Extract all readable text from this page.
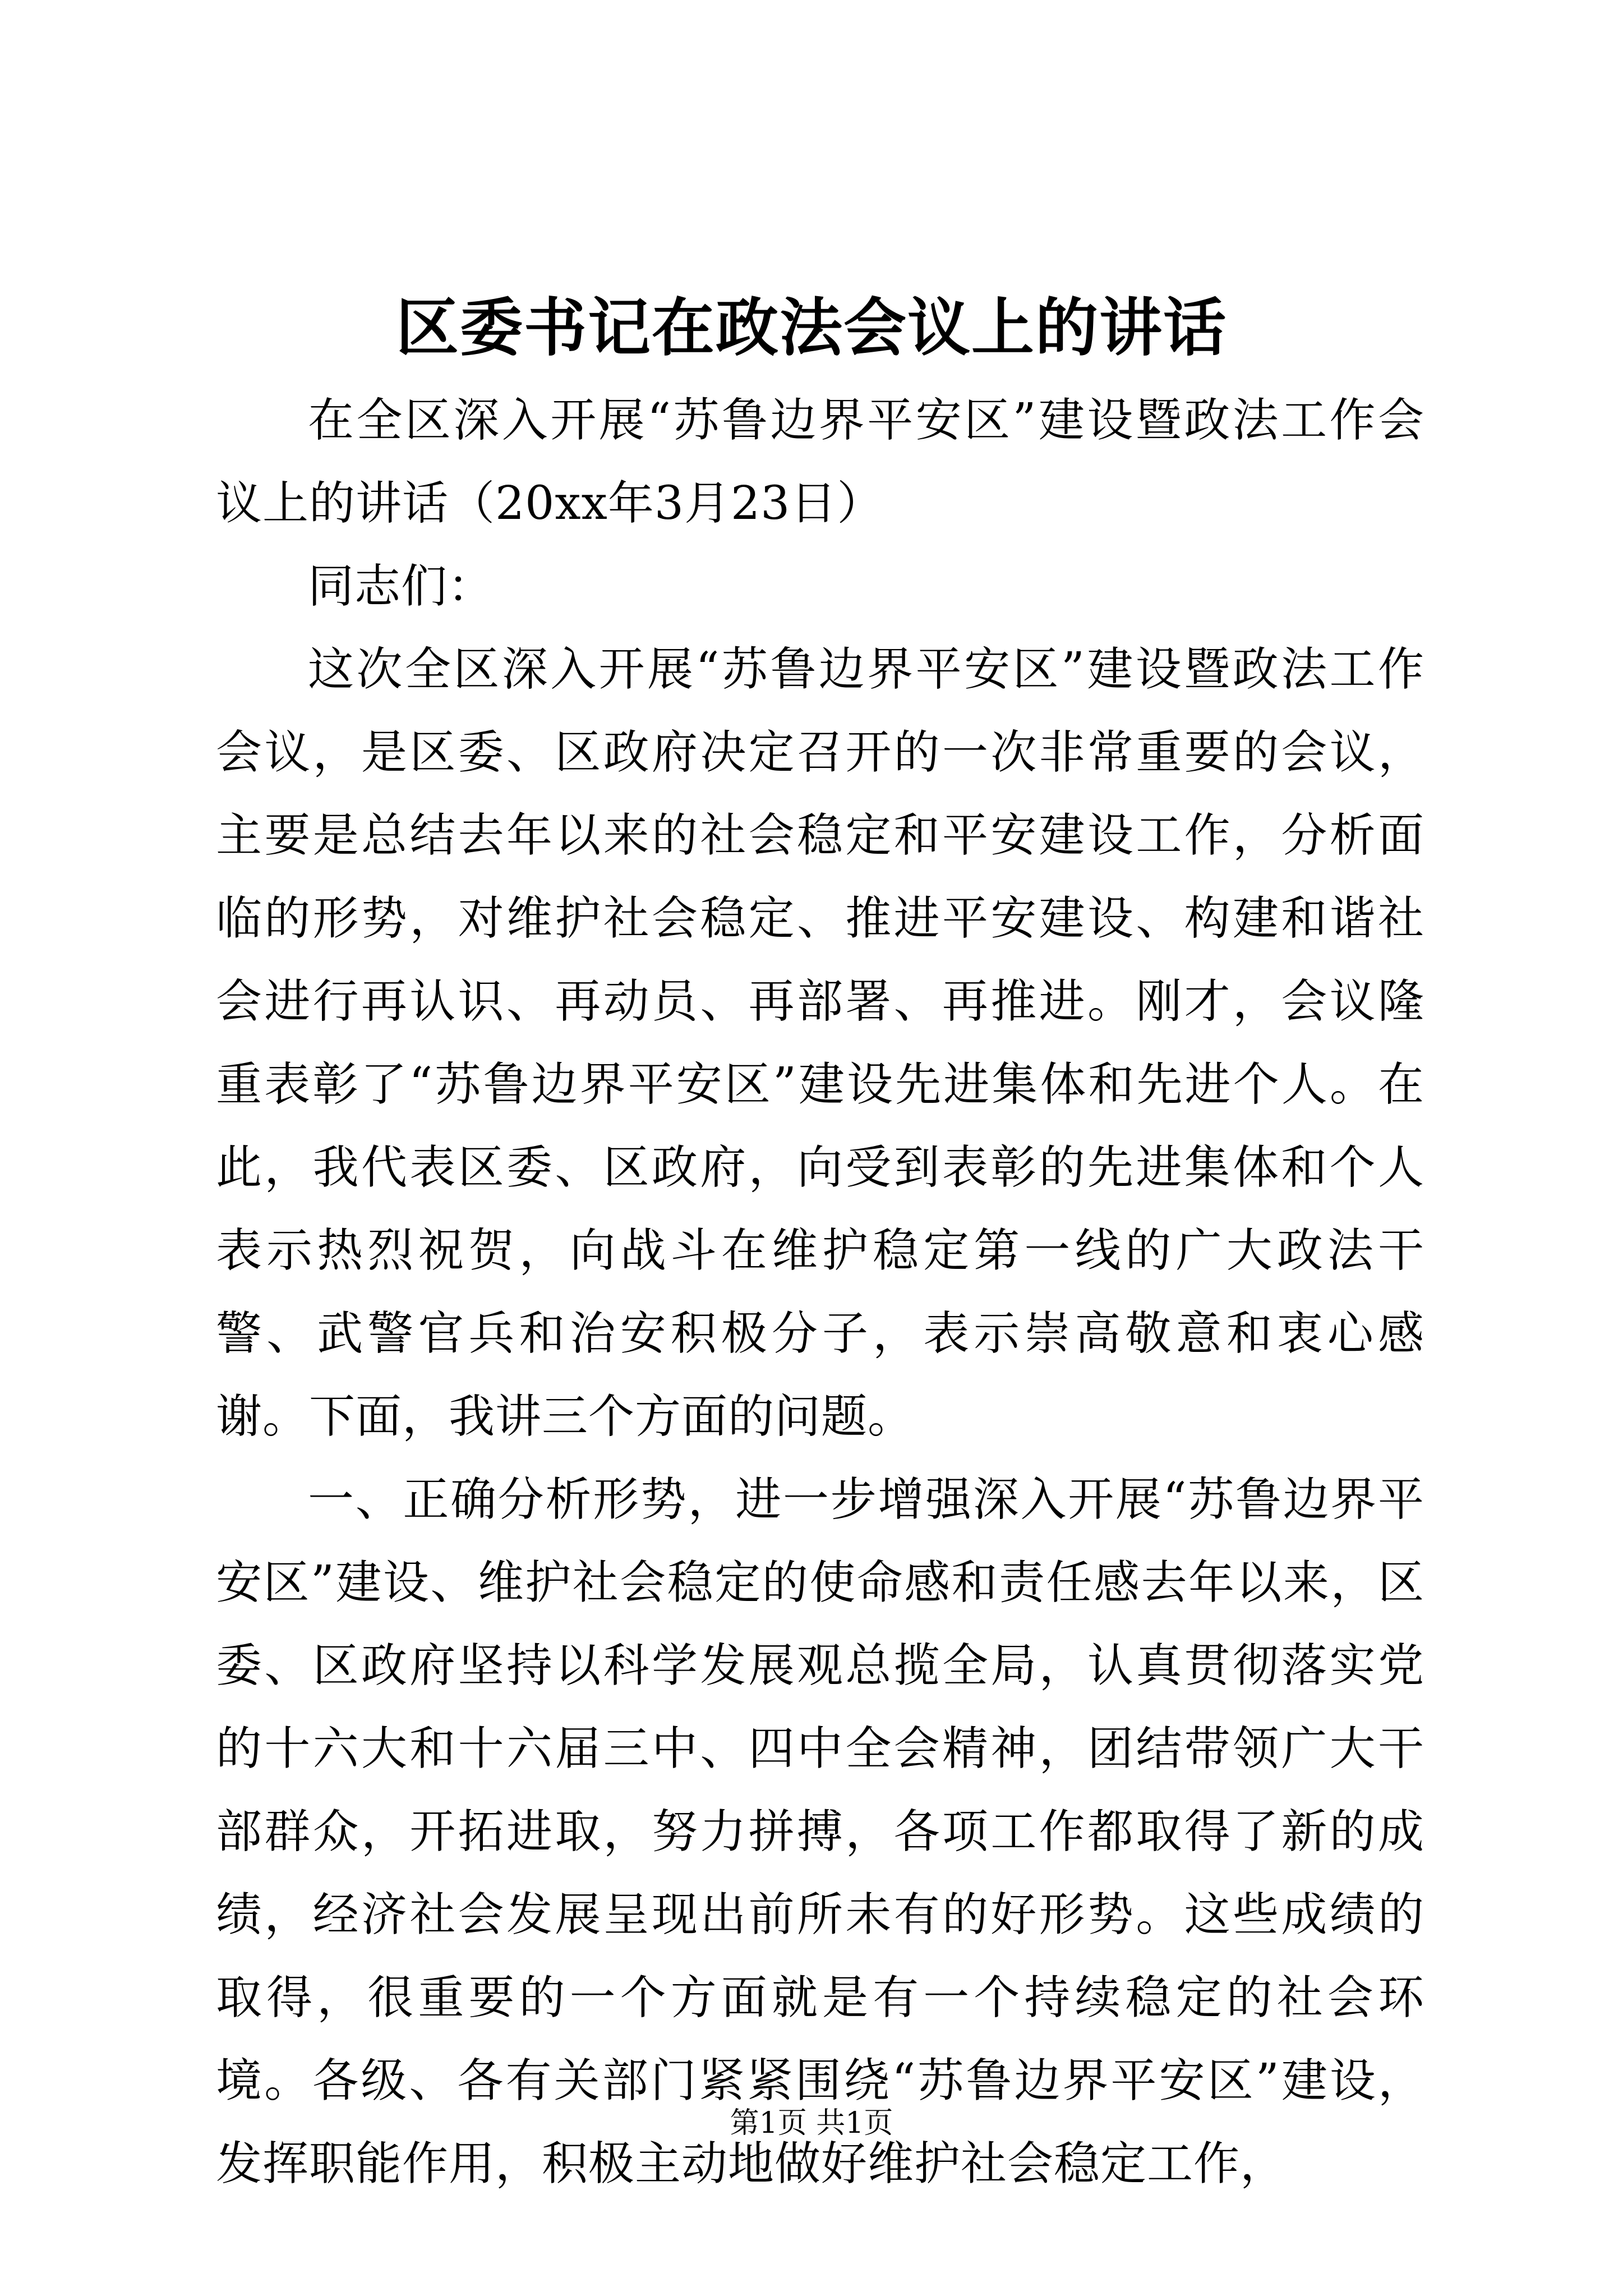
区委书记在政法会议上的讲话

在全区深入开展“苏鲁边界平安区”建设暨政法工作会议上的讲话（20xx年3月23日）

同志们：

这次全区深入开展“苏鲁边界平安区”建设暨政法工作会议，是区委、区政府决定召开的一次非常重要的会议，主要是总结去年以来的社会稳定和平安建设工作，分析面临的形势，对维护社会稳定、推进平安建设、构建和谐社会进行再认识、再动员、再部署、再推进。刚才，会议隆重表彰了“苏鲁边界平安区”建设先进集体和先进个人。在此，我代表区委、区政府，向受到表彰的先进集体和个人表示热烈祝贺，向战斗在维护稳定第一线的广大政法干警、武警官兵和治安积极分子，表示崇高敬意和衷心感谢。下面，我讲三个方面的问题。

一、正确分析形势，进一步增强深入开展“苏鲁边界平安区”建设、维护社会稳定的使命感和责任感去年以来，区委、区政府坚持以科学发展观总揽全局，认真贯彻落实党的十六大和十六届三中、四中全会精神，团结带领广大干部群众，开拓进取，努力拼搏，各项工作都取得了新的成绩，经济社会发展呈现出前所未有的好形势。这些成绩的取得，很重要的一个方面就是有一个持续稳定的社会环境。各级、各有关部门紧紧围绕“苏鲁边界平安区”建设，发挥职能作用，积极主动地做好维护社会稳定工作，

第1页 共1页
